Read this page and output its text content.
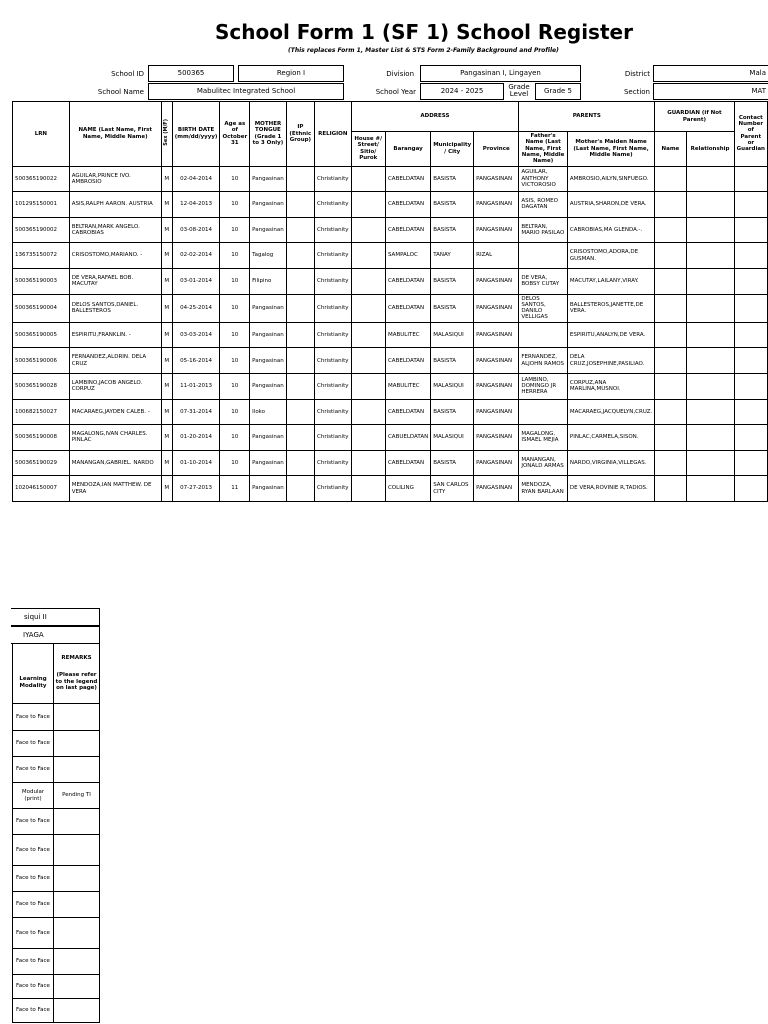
School Form 1 (SF 1) School Register
(This replaces Form 1, Master List & STS Form 2-Family Background and Profile)
School ID	500365	Region I	Division	Pangasinan I, Lingayen	District	Mala
School Name	Mabulitec Integrated School	School Year	2024 - 2025	Grade Level	Grade 5	Section	MAT
LRN	NAME (Last Name, First Name, Middle Name)	Sex (M/F)	BIRTH DATE (mm/dd/yyyy)	Age as of October 31	MOTHER TONGUE (Grade 1 to 3 Only)	IP (Ethnic Group)	RELIGION	ADDRESS				PARENTS		GUARDIAN (if Not Parent)		Contact Number of Parent or Guardian
								House #/ Street/ Sitio/ Purok	Barangay	Municipality / City	Province	Father's Name (Last Name, First Name, Middle Name)	Mother's Maiden Name (Last Name, First Name, Middle Name)	Name	Relationship	
500365190022	AGUILAR,PRINCE IVO. AMBROSIO	M	02-04-2014	10	Pangasinan		Christianity		CABELDATAN	BASISTA	PANGASINAN	AGUILAR, ANTHONY VICTOROSIO	AMBROSIO,AILYN,SINFUEGO.			
101295150001	ASIS,RALPH AARON. AUSTRIA	M	12-04-2013	10	Pangasinan		Christianity		CABELDATAN	BASISTA	PANGASINAN	ASIS, ROMEO DAGATAN	AUSTRIA,SHARON,DE VERA.			
500365190002	BELTRAN,MARK ANGELO. CABROBIAS	M	03-08-2014	10	Pangasinan		Christianity		CABELDATAN	BASISTA	PANGASINAN	BELTRAN, MARIO PASILAO	CABROBIAS,MA GLENDA.-.			
136735150072	CRISOSTOMO,MARIANO. -	M	02-02-2014	10	Tagalog		Christianity		SAMPALOC	TANAY	RIZAL		CRISOSTOMO,ADORA,DE GUSMAN.			
500365190003	DE VERA,RAFAEL BOB. MACUTAY	M	03-01-2014	10	Filipino		Christianity		CABELDATAN	BASISTA	PANGASINAN	DE VERA, BOBSY CUTAY	MACUTAY,LAILANY,VIRAY.			
500365190004	DELOS SANTOS,DANIEL. BALLESTEROS	M	04-25-2014	10	Pangasinan		Christianity		CABELDATAN	BASISTA	PANGASINAN	DELOS SANTOS, DANILO VELLIGAS	BALLESTEROS,JANETTE,DE VERA.			
500365190005	ESPIRITU,FRANKLIN. -	M	03-03-2014	10	Pangasinan		Christianity		MABULITEC	MALASIQUI	PANGASINAN		ESPIRITU,ANALYN,DE VERA.			
500365190006	FERNANDEZ,ALDRIN. DELA CRUZ	M	05-16-2014	10	Pangasinan		Christianity		CABELDATAN	BASISTA	PANGASINAN	FERNANDEZ, ALJOHN RAMOS	DELA CRUZ,JOSEPHINE,PASILIAO.			
500365190028	LAMBINO,JACOB ANGELO. CORPUZ	M	11-01-2013	10	Pangasinan		Christianity		MABULITEC	MALASIQUI	PANGASINAN	LAMBINO, DOMINGO JR HERRERA	CORPUZ,ANA MARLINA,MUSNOI.			
100682150027	MACARAEG,JAYDEN CALEB. -	M	07-31-2014	10	Iloko		Christianity		CABELDATAN	BASISTA	PANGASINAN		MACARAEG,JACQUELYN,CRUZ.			
500365190008	MAGALONG,IVAN CHARLES. PINLAC	M	01-20-2014	10	Pangasinan		Christianity		CABUELDATAN	MALASIQUI	PANGASINAN	MAGALONG, ISMAEL MEJIA	PINLAC,CARMELA,SISON.			
500365190029	MANANGAN,GABRIEL. NARDO	M	01-10-2014	10	Pangasinan		Christianity		CABELDATAN	BASISTA	PANGASINAN	MANANGAN, JONALD ARMAS	NARDO,VIRGINIA,VILLEGAS.			
102046150007	MENDOZA,IAN MATTHEW. DE VERA	M	07-27-2013	11	Pangasinan		Christianity		COLILING	SAN CARLOS CITY	PANGASINAN	MENDOZA, RYAN BARLAAN	DE VERA,ROVINIE R,TADIOS.			
siqui II
IYAGA
Learning Modality	REMARKS
(Please refer to the legend on last page)

Face to Face	
Face to Face	
Face to Face	
Modular (print)	Pending TI
Face to Face	
Face to Face	
Face to Face	
Face to Face	
Face to Face	
Face to Face	
Face to Face	
Face to Face	
